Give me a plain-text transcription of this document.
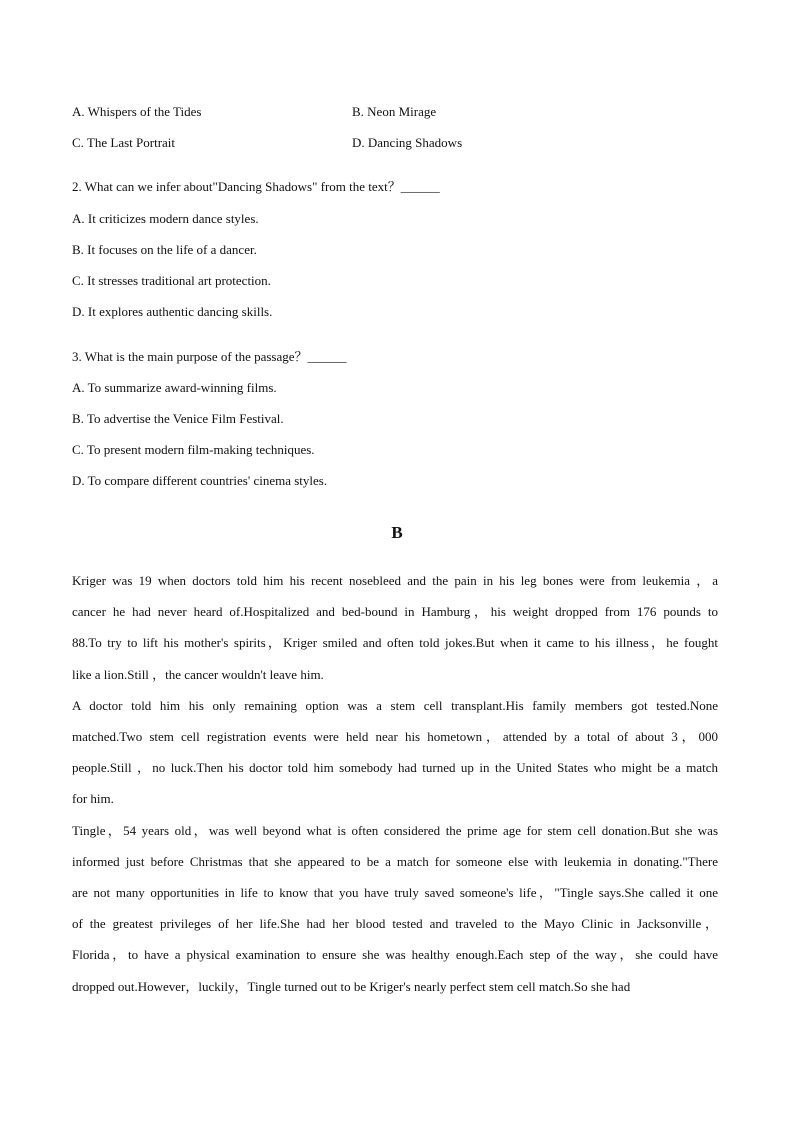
A. Whispers of the Tides	B. Neon Mirage
C. The Last Portrait	D. Dancing Shadows
2. What can we infer about"Dancing Shadows" from the text？______
A. It criticizes modern dance styles.
B. It focuses on the life of a dancer.
C. It stresses traditional art protection.
D. It explores authentic dancing skills.
3. What is the main purpose of the passage？______
A. To summarize award-winning films.
B. To advertise the Venice Film Festival.
C. To present modern film-making techniques.
D. To compare different countries' cinema styles.
B
Kriger was 19 when doctors told him his recent nosebleed and the pain in his leg bones were from leukemia ，a
cancer he had never heard of.Hospitalized and bed-bound in Hamburg，his weight dropped from 176 pounds to
88.To try to lift his mother's spirits，Kriger smiled and often told jokes.But when it came to his illness，he fought
like a lion.Still ，the cancer wouldn't leave him.
A doctor told him his only remaining option was a stem cell transplant.His family members got tested.None
matched.Two stem cell registration events were held near his hometown，attended by a total of about 3，000
people.Still ，no luck.Then his doctor told him somebody had turned up in the United States who might be a match
for him.
Tingle，54 years old，was well beyond what is often considered the prime age for stem cell donation.But she was
informed just before Christmas that she appeared to be a match for someone else with leukemia in donating."There
are not many opportunities in life to know that you have truly saved someone's life，"Tingle says.She called it one
of the greatest privileges of her life.She had her blood tested and traveled to the Mayo Clinic in Jacksonville，
Florida，to have a physical examination to ensure she was healthy enough.Each step of the way，she could have
dropped out.However，luckily，Tingle turned out to be Kriger's nearly perfect stem cell match.So she had
